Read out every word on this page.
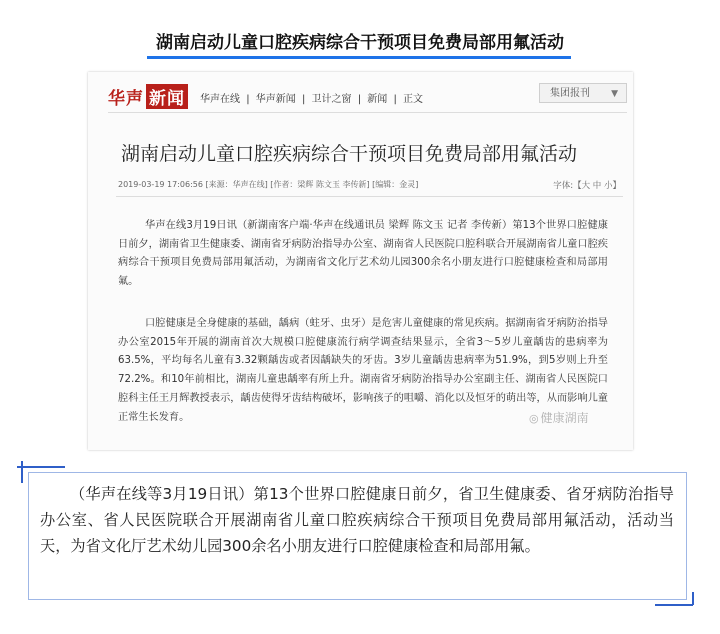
湖南启动儿童口腔疾病综合干预项目免费局部用氟活动
华声 新闻	华声在线 | 华声新闻 | 卫计之窗 | 新闻 | 正文
集团报刊 ▼
湖南启动儿童口腔疾病综合干预项目免费局部用氟活动
2019-03-19 17:06:56 [来源：华声在线] [作者：梁辉 陈文玉 李传新] [编辑：金灵]	字体:【大 中 小】
华声在线3月19日讯（新湖南客户端·华声在线通讯员 梁辉 陈文玉 记者 李传新）第13个世界口腔健康日前夕，湖南省卫生健康委、湖南省牙病防治指导办公室、湖南省人民医院口腔科联合开展湖南省儿童口腔疾病综合干预项目免费局部用氟活动，为湖南省文化厅艺术幼儿园300余名小朋友进行口腔健康检查和局部用氟。
口腔健康是全身健康的基础，龋病（蛀牙、虫牙）是危害儿童健康的常见疾病。据湖南省牙病防治指导办公室2015年开展的湖南首次大规模口腔健康流行病学调查结果显示，全省3～5岁儿童龋齿的患病率为63.5%，平均每名儿童有3.32颗龋齿或者因龋缺失的牙齿。3岁儿童龋齿患病率为51.9%，到5岁则上升至72.2%。和10年前相比，湖南儿童患龋率有所上升。湖南省牙病防治指导办公室副主任、湖南省人民医院口腔科主任王月辉教授表示，龋齿使得牙齿结构破坏，影响孩子的咀嚼、消化以及恒牙的萌出等，从而影响儿童正常生长发育。	◎ 健康湖南
（华声在线等3月19日讯）第13个世界口腔健康日前夕，省卫生健康委、省牙病防治指导办公室、省人民医院联合开展湖南省儿童口腔疾病综合干预项目免费局部用氟活动，活动当天，为省文化厅艺术幼儿园300余名小朋友进行口腔健康检查和局部用氟。
